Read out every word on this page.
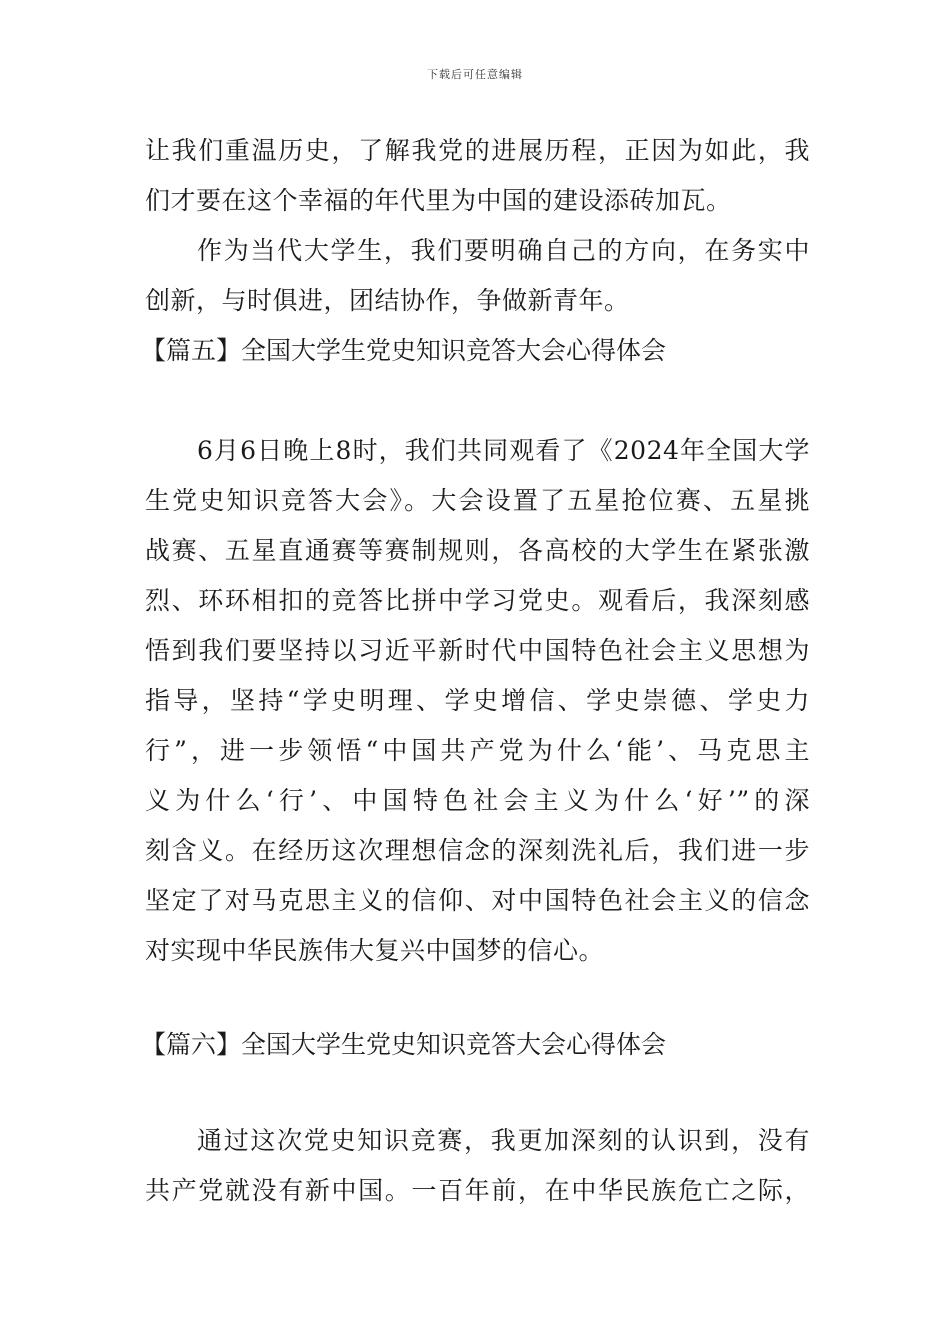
下载后可任意编辑
让我们重温历史，了解我党的进展历程，正因为如此，我
们才要在这个幸福的年代里为中国的建设添砖加瓦。
作为当代大学生，我们要明确自己的方向，在务实中
创新，与时俱进，团结协作，争做新青年。
【篇五】全国大学生党史知识竞答大会心得体会
6月6日晚上8时，我们共同观看了《2024年全国大学
生党史知识竞答大会》。大会设置了五星抢位赛、五星挑
战赛、五星直通赛等赛制规则，各高校的大学生在紧张激
烈、环环相扣的竞答比拼中学习党史。观看后，我深刻感
悟到我们要坚持以习近平新时代中国特色社会主义思想为
指导，坚持“学史明理、学史增信、学史崇德、学史力
行”，进一步领悟“中国共产党为什么‘能’、马克思主
义为什么‘行’、中国特色社会主义为什么‘好’”的深
刻含义。在经历这次理想信念的深刻洗礼后，我们进一步
坚定了对马克思主义的信仰、对中国特色社会主义的信念
对实现中华民族伟大复兴中国梦的信心。
【篇六】全国大学生党史知识竞答大会心得体会
通过这次党史知识竞赛，我更加深刻的认识到，没有
共产党就没有新中国。一百年前，在中华民族危亡之际，
